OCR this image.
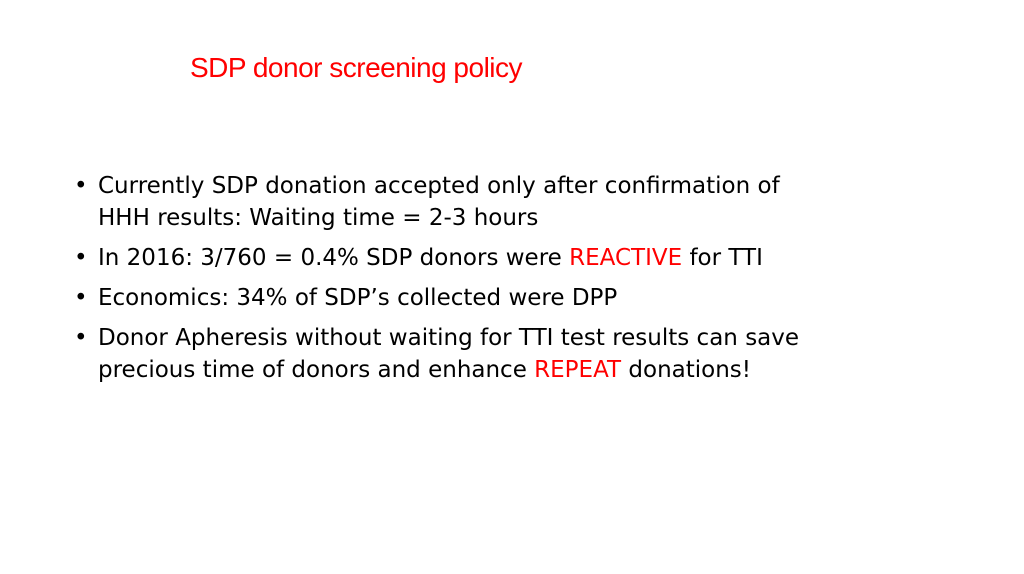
SDP donor screening policy
• Currently SDP donation accepted only after confirmation of
HHH results: Waiting time = 2-3 hours
• In 2016: 3/760 = 0.4% SDP donors were REACTIVE for TTI
• Economics: 34% of SDP’s collected were DPP
• Donor Apheresis without waiting for TTI test results can save
precious time of donors and enhance REPEAT donations!
